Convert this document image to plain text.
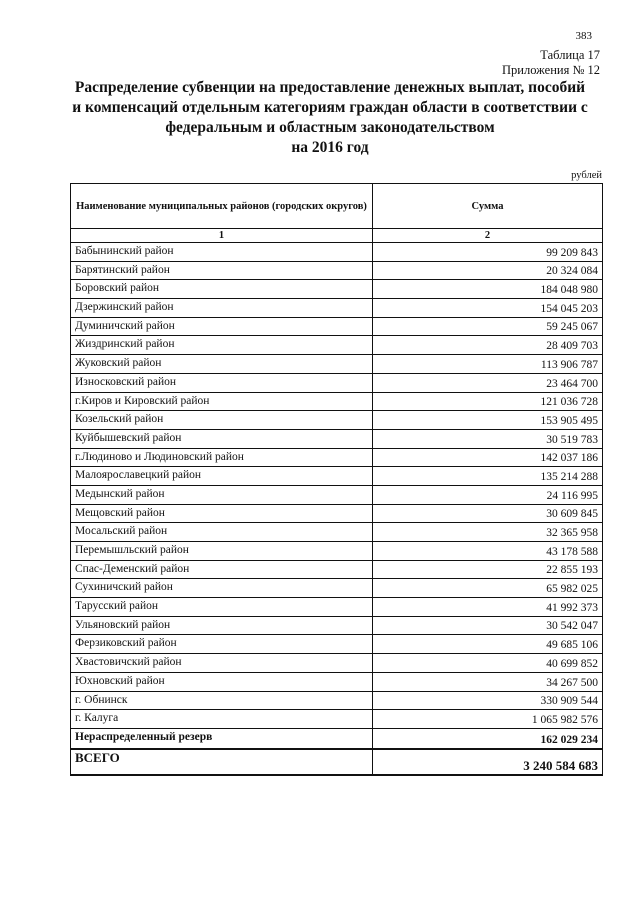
383
Таблица 17
Приложения № 12
Распределение субвенции на предоставление денежных выплат, пособий
и компенсаций отдельным категориям граждан области в соответствии с
федеральным и областным законодательством
на 2016 год
рублей
Наименование муниципальных районов (городских округов)	Сумма
1	2
Бабынинский район	99 209 843
Барятинский район	20 324 084
Боровский район	184 048 980
Дзержинский район	154 045 203
Думиничский район	59 245 067
Жиздринский район	28 409 703
Жуковский район	113 906 787
Износковский район	23 464 700
г.Киров и Кировский район	121 036 728
Козельский район	153 905 495
Куйбышевский район	30 519 783
г.Людиново и Людиновский район	142 037 186
Малоярославецкий район	135 214 288
Медынский район	24 116 995
Мещовский район	30 609 845
Мосальский район	32 365 958
Перемышльский район	43 178 588
Спас-Деменский район	22 855 193
Сухиничский район	65 982 025
Тарусский район	41 992 373
Ульяновский район	30 542 047
Ферзиковский район	49 685 106
Хвастовичский район	40 699 852
Юхновский район	34 267 500
г. Обнинск	330 909 544
г. Калуга	1 065 982 576
Нераспределенный резерв	162 029 234
ВСЕГО	3 240 584 683
